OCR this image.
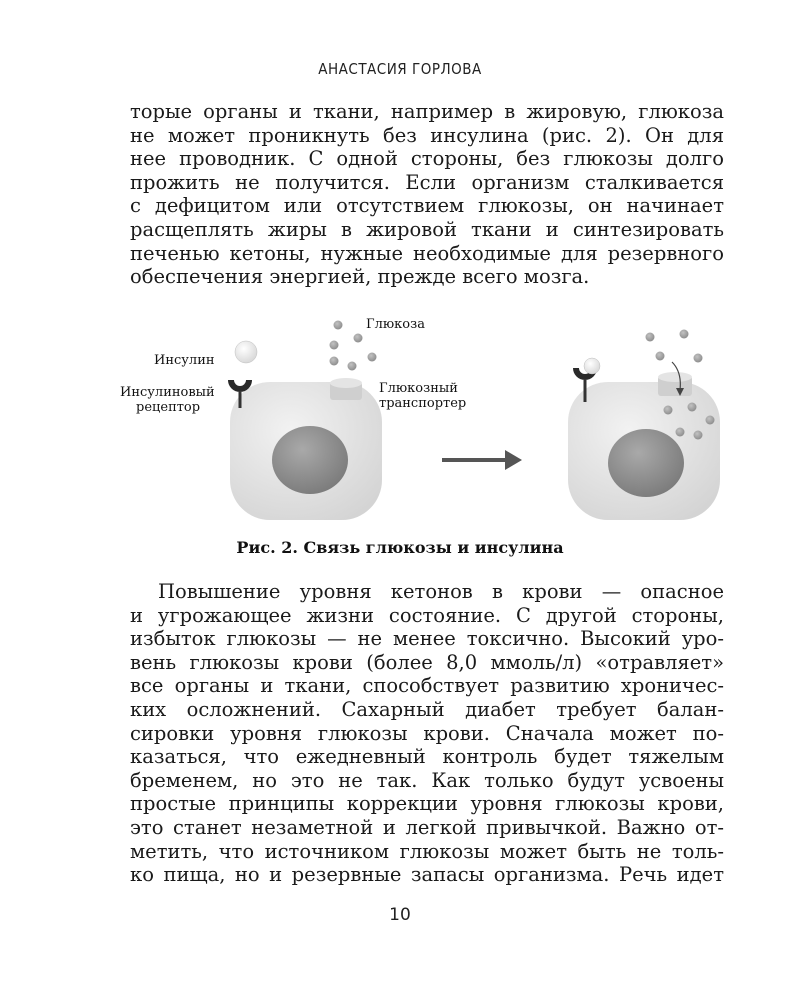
АНАСТАСИЯ ГОРЛОВА
торые органы и ткани, например в жировую, глюкоза
не может проникнуть без инсулина (рис. 2). Он для
нее проводник. С одной стороны, без глюкозы долго
прожить не получится. Если организм сталкивается
с дефицитом или отсутствием глюкозы, он начинает
расщеплять жиры в жировой ткани и синтезировать
печенью кетоны, нужные необходимые для резервного
обеспечения энергией, прежде всего мозга.
Глюкоза
Инсулин
Инсулиновый
рецептор
Глюкозный
транспортер
Рис. 2. Связь глюкозы и инсулина
Повышение уровня кетонов в крови — опасное
и угрожающее жизни состояние. С другой стороны,
избыток глюкозы — не менее токсично. Высокий уро-
вень глюкозы крови (более 8,0 ммоль/л) «отравляет»
все органы и ткани, способствует развитию хроничес-
ких осложнений. Сахарный диабет требует балан-
сировки уровня глюкозы крови. Сначала может по-
казаться, что ежедневный контроль будет тяжелым
бременем, но это не так. Как только будут усвоены
простые принципы коррекции уровня глюкозы крови,
это станет незаметной и легкой привычкой. Важно от-
метить, что источником глюкозы может быть не толь-
ко пища, но и резервные запасы организма. Речь идет
10
